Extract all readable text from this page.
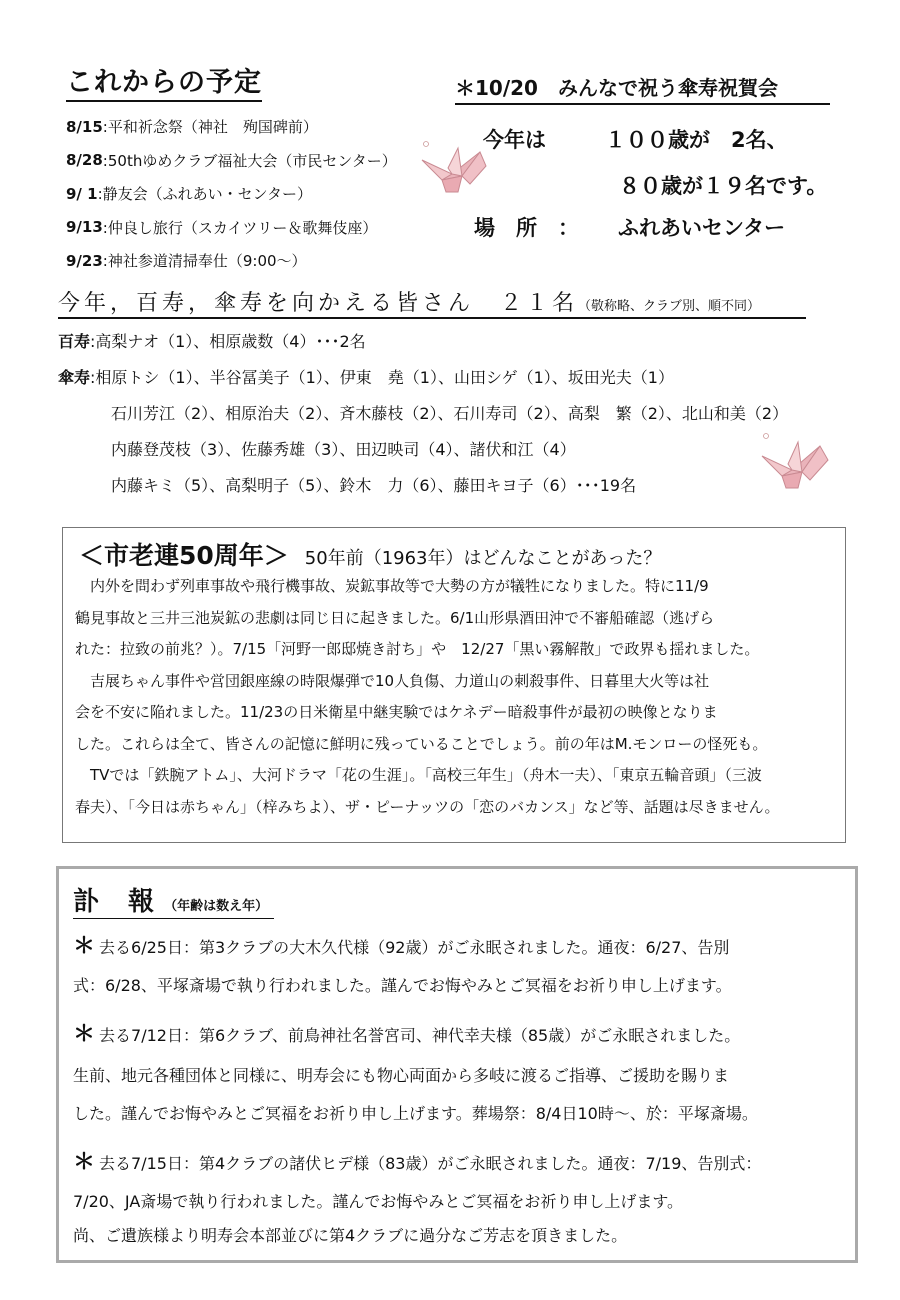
これからの予定
8/15 :平和祈念祭（神社　殉国碑前）
8/28 :50thゆめクラブ福祉大会（市民センター）
9/ 1 :静友会（ふれあい・センター）
9/13 :仲良し旅行（スカイツリー＆歌舞伎座）
9/23 :神社参道清掃奉仕（9:00〜）
＊10/20　みんなで祝う傘寿祝賀会
今年は	１００歳が　2名、
８０歳が１９名です。
場　所　： ふれあいセンター
今年，百寿，傘寿を向かえる皆さん　２１名（敬称略、クラブ別、順不同）
百寿 :高梨ナオ（1）、相原歳数（4）･･･2名
傘寿 :相原トシ（1）、半谷冨美子（1）、伊東　堯（1）、山田シゲ（1）、坂田光夫（1）
石川芳江（2）、相原治夫（2）、斉木藤枝（2）、石川寿司（2）、高梨　繁（2）、北山和美（2）
内藤登茂枝（3）、佐藤秀雄（3）、田辺映司（4）、諸伏和江（4）
内藤キミ（5）、高梨明子（5）、鈴木　力（6）、藤田キヨ子（6）･･･19名
＜市老連50周年＞ 50年前（1963年）はどんなことがあった？
　内外を問わず列車事故や飛行機事故、炭鉱事故等で大勢の方が犠牲になりました。特に11/9
鶴見事故と三井三池炭鉱の悲劇は同じ日に起きました。6/1山形県酒田沖で不審船確認（逃げら
れた：拉致の前兆？）。7/15「河野一郎邸焼き討ち」や　12/27「黒い霧解散」で政界も揺れました。
　吉展ちゃん事件や営団銀座線の時限爆弾で10人負傷、力道山の刺殺事件、日暮里大火等は社
会を不安に陥れました。11/23の日米衛星中継実験ではケネデー暗殺事件が最初の映像となりま
した。これらは全て、皆さんの記憶に鮮明に残っていることでしょう。前の年はM.モンローの怪死も。
　TVでは「鉄腕アトム」、大河ドラマ「花の生涯」。「高校三年生」（舟木一夫）、「東京五輪音頭」（三波
春夫）、「今日は赤ちゃん」（梓みちよ）、ザ・ピーナッツの「恋のバカンス」など等、話題は尽きません。
訃 報（年齢は数え年）
＊ 去る6/25日：第3クラブの大木久代様（92歳）がご永眠されました。通夜：6/27、告別
式：6/28、平塚斎場で執り行われました。謹んでお悔やみとご冥福をお祈り申し上げます。
＊ 去る7/12日：第6クラブ、前鳥神社名誉宮司、神代幸夫様（85歳）がご永眠されました。
生前、地元各種団体と同様に、明寿会にも物心両面から多岐に渡るご指導、ご援助を賜りま
した。謹んでお悔やみとご冥福をお祈り申し上げます。葬場祭：8/4日10時〜、於：平塚斎場。
＊ 去る7/15日：第4クラブの諸伏ヒデ様（83歳）がご永眠されました。通夜：7/19、告別式：
7/20、JA斎場で執り行われました。謹んでお悔やみとご冥福をお祈り申し上げます。
尚、ご遺族様より明寿会本部並びに第4クラブに過分なご芳志を頂きました。
